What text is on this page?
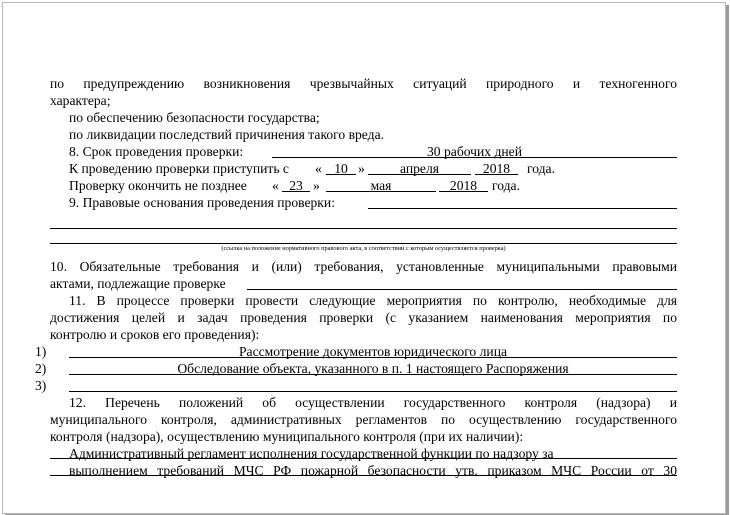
по предупреждению возникновения чрезвычайных ситуаций природного и техногенного
характера;
по обеспечению безопасности государства;
по ликвидации последствий причинения такого вреда.
8. Срок проведения проверки:	30 рабочих дней
К проведению проверки приступить с	« 10 »	апреля	2018	года.
Проверку окончить не позднее	« 23 »	мая	2018	года.
9. Правовые основания проведения проверки:
(ссылка на положение нормативного правового акта, в соответствии с которым осуществляется проверка)
10. Обязательные требования и (или) требования, установленные муниципальными правовыми
актами, подлежащие проверке
11. В процессе проверки провести следующие мероприятия по контролю, необходимые для
достижения целей и задач проведения проверки (с указанием наименования мероприятия по
контролю и сроков его проведения):
1)	Рассмотрение документов юридического лица
2)	Обследование объекта, указанного в п. 1 настоящего Распоряжения
3)
12. Перечень положений об осуществлении государственного контроля (надзора) и
муниципального контроля, административных регламентов по осуществлению государственного
контроля (надзора), осуществлению муниципального контроля (при их наличии):
Административный регламент исполнения государственной функции по надзору за
выполнением требований МЧС РФ пожарной безопасности утв. приказом МЧС России от 30
